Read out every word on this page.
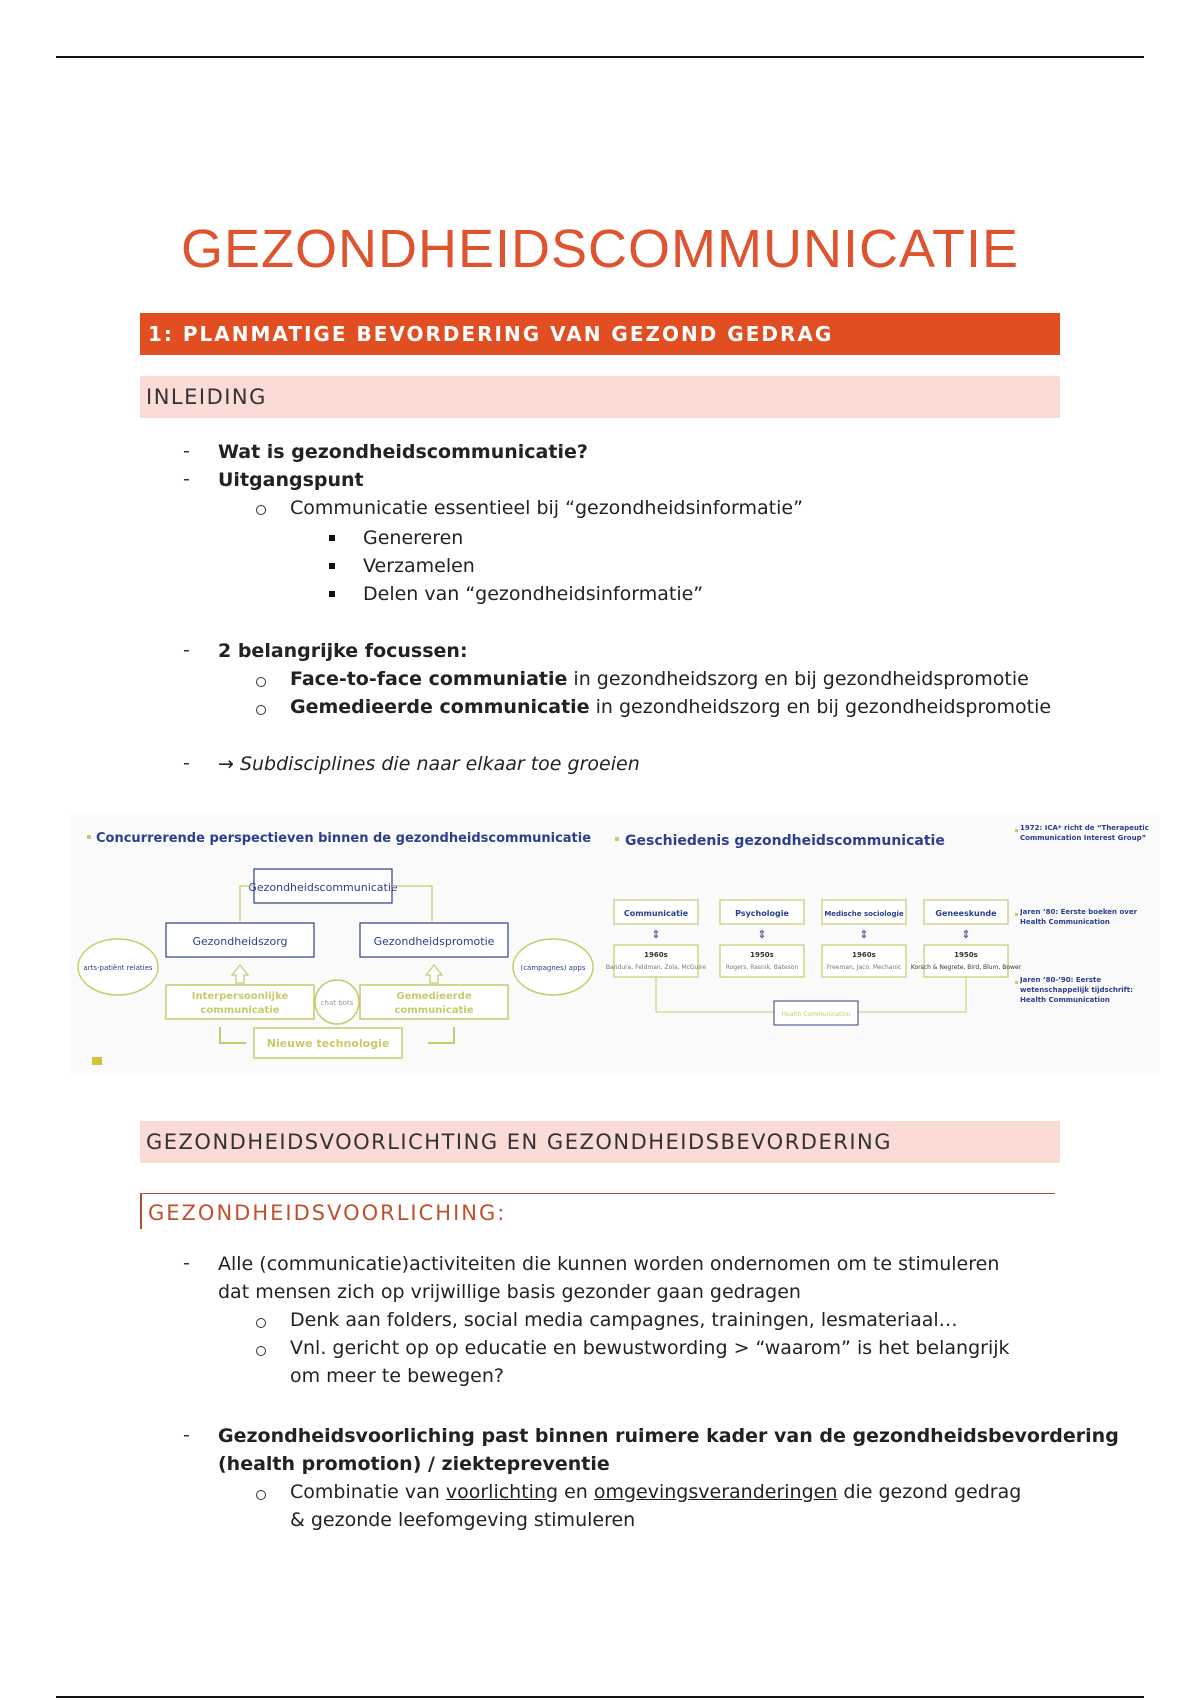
GEZONDHEIDSCOMMUNICATIE
1: PLANMATIGE BEVORDERING VAN GEZOND GEDRAG
INLEIDING
- Wat is gezondheidscommunicatie?
- Uitgangspunt
Communicatie essentieel bij “gezondheidsinformatie”
Genereren
Verzamelen
Delen van “gezondheidsinformatie”
- 2 belangrijke focussen:
Face-to-face communiatie in gezondheidszorg en bij gezondheidspromotie
Gemedieerde communicatie in gezondheidszorg en bij gezondheidspromotie
- → Subdisciplines die naar elkaar toe groeien
Concurrerende perspectieven binnen de gezondheidscommunicatie
Gezondheidscommunicatie
Gezondheidszorg	Gezondheidspromotie
arts-patiënt relaties	(campagnes) apps
Interpersoonlijke communicatie
Gemedieerde communicatie
chat bots
Nieuwe technologie
Geschiedenis gezondheidscommunicatie
Communicatie
⇕
1960s
Bandura, Feldman, Zola, McGuire
Psychologie
⇕
1950s
Rogers, Rasnik, Bateson
Medische sociologie
⇕
1960s
Freeman, Jaco, Mechanic
Geneeskunde
⇕
1950s
Korsch & Negrete, Bird, Blum, Bower
Health Communication
1972: ICA* richt de “Therapeutic Communication Interest Group”
Jaren ’80: Eerste boeken over Health Communication
Jaren ’80-’90: Eerste wetenschappelijk tijdschrift: Health Communication
GEZONDHEIDSVOORLICHTING EN GEZONDHEIDSBEVORDERING
GEZONDHEIDSVOORLICHING:
- Alle (communicatie)activiteiten die kunnen worden ondernomen om te stimuleren
dat mensen zich op vrijwillige basis gezonder gaan gedragen
Denk aan folders, social media campagnes, trainingen, lesmateriaal…
Vnl. gericht op op educatie en bewustwording > “waarom” is het belangrijk
om meer te bewegen?
- Gezondheidsvoorliching past binnen ruimere kader van de gezondheidsbevordering
(health promotion) / ziektepreventie
Combinatie van voorlichting en omgevingsveranderingen die gezond gedrag
& gezonde leefomgeving stimuleren
